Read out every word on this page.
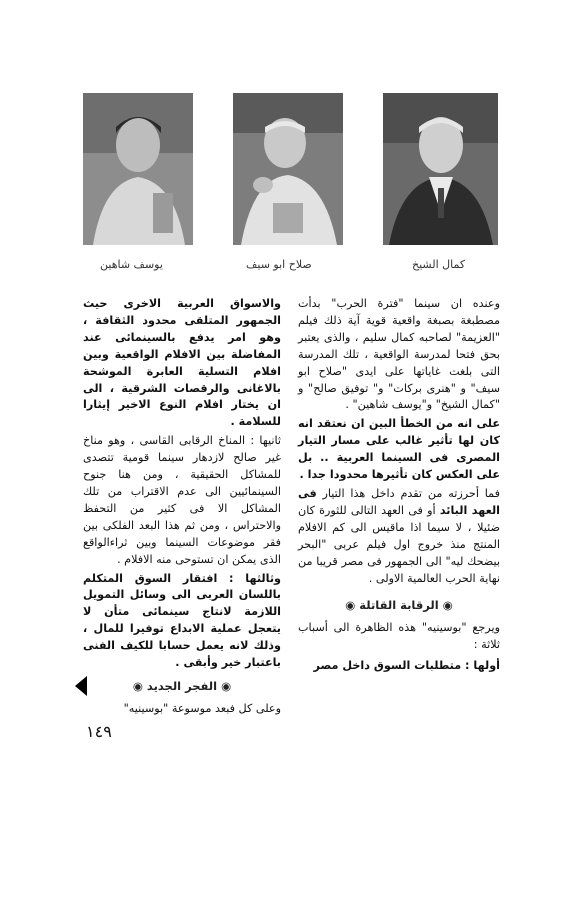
يوسف شاهين	صلاح ابو سيف	كمال الشيخ

وعنده ان سينما "فترة الحرب" بدأت مصطبغة بصبغة واقعية قوية آية ذلك فيلم "العزيمة" لصاحبه كمال سليم ، والذى يعتبر بحق فتحا لمدرسة الواقعية ، تلك المدرسة التى بلغت غاياتها على ايدى "صلاح ابو سيف" و "هنرى بركات" و" توفيق صالح" و "كمال الشيخ" و"يوسف شاهين" .

على انه من الخطأ البين ان نعتقد انه كان لها تأثير غالب على مسار التيار المصرى فى السينما العربية .. بل على العكس كان تأثيرها محدودا جدا .

فما أحرزته من تقدم داخل هذا التيار فى العهد البائد أو فى العهد التالى للثورة كان ضئيلا ، لا سيما اذا ماقيس الى كم الافلام المنتج منذ خروج اول فيلم عربى "البحر بيضحك ليه" الى الجمهور فى مصر قريبا من نهاية الحرب العالمية الاولى .

◉ الرقابة القاتلة ◉

ويرجع "بوسينيه" هذه الظاهرة الى أسباب ثلاثة :

أولها : متطلبات السوق داخل مصر

والاسواق العربية الاخرى حيث الجمهور المتلقى محدود الثقافة ، وهو امر يدفع بالسينمائى عند المفاضلة بين الافلام الواقعية وبين افلام التسلية العابرة الموشحة بالاغانى والرقصات الشرقية ، الى ان يختار افلام النوع الاخير إيثارا للسلامة .

ثانيها : المناخ الرقابى القاسى ، وهو مناخ غير صالح لازدهار سينما قومية تتصدى للمشاكل الحقيقية ، ومن هنا جنوح السينمائيين الى عدم الاقتراب من تلك المشاكل الا فى كثير من التحفظ والاحتراس ، ومن ثم هذا البعد الفلكى بين فقر موضوعات السينما وبين ثراءالواقع الذى يمكن ان تستوحى منه الافلام .

وثالثها : افتقار السوق المتكلم باللسان العربى الى وسائل التمويل اللازمة لانتاج سينمائى متأن لا يتعجل عملية الابداع توفيرا للمال ، وذلك لانه يعمل حسابا للكيف الفنى باعتبار خير وأبقى .

◉ الفجر الجديد ◉

وعلى كل فبعد موسوعة "بوسينيه"

١٤٩
